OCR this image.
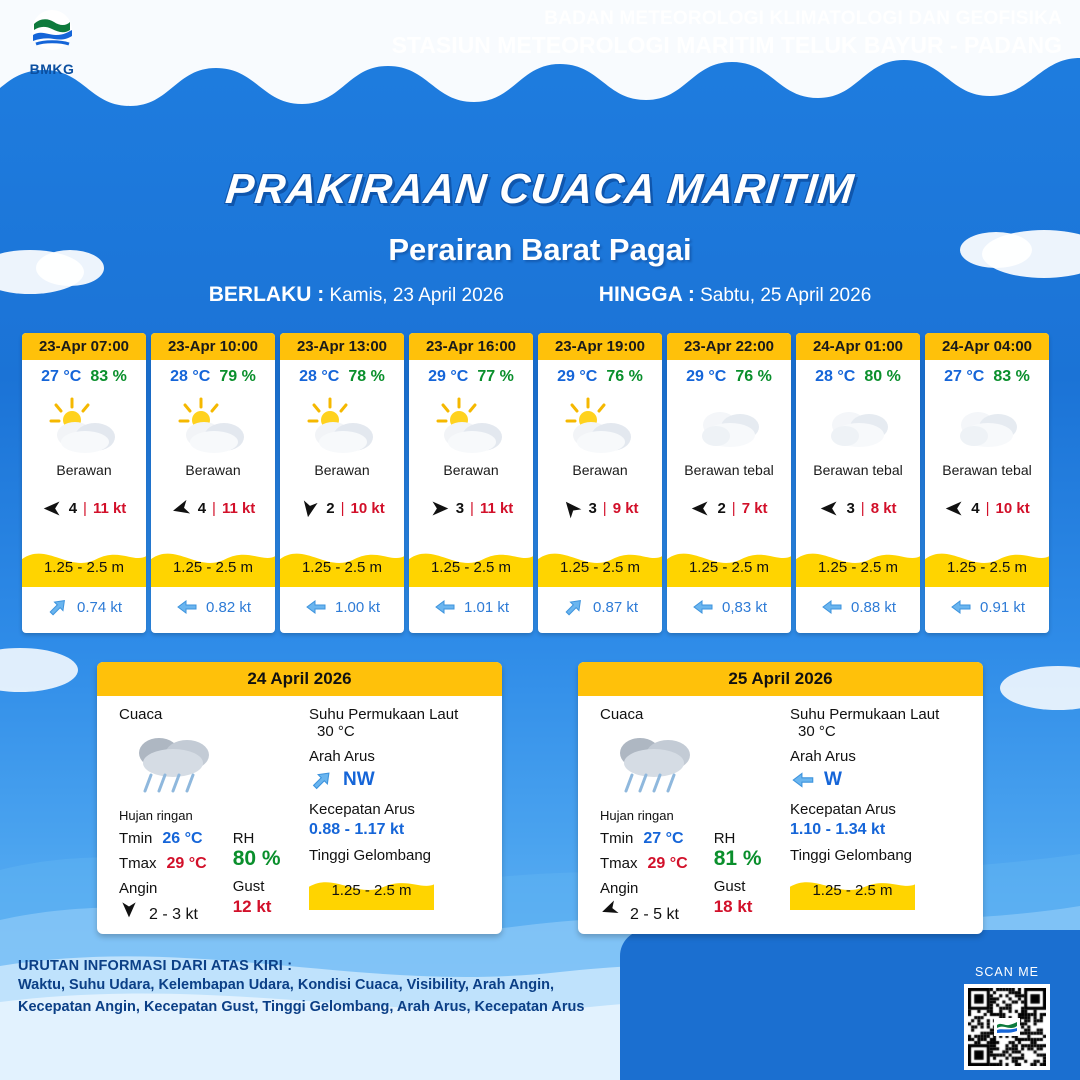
BADAN METEOROLOGI KLIMATOLOGI DAN GEOFISIKA
STASIUN METEOROLOGI MARITIM TELUK BAYUR - PADANG
BMKG
PRAKIRAAN CUACA MARITIM
Perairan Barat Pagai
BERLAKU : Kamis, 23 April 2026	HINGGA : Sabtu, 25 April 2026
23-Apr 07:00
27 °C 83 %
Berawan
4 | 11 kt
1.25 - 2.5 m
0.74 kt
23-Apr 10:00
28 °C 79 %
Berawan
4 | 11 kt
1.25 - 2.5 m
0.82 kt
23-Apr 13:00
28 °C 78 %
Berawan
2 | 10 kt
1.25 - 2.5 m
1.00 kt
23-Apr 16:00
29 °C 77 %
Berawan
3 | 11 kt
1.25 - 2.5 m
1.01 kt
23-Apr 19:00
29 °C 76 %
Berawan
3 | 9 kt
1.25 - 2.5 m
0.87 kt
23-Apr 22:00
29 °C 76 %
Berawan tebal
2 | 7 kt
1.25 - 2.5 m
0,83 kt
24-Apr 01:00
28 °C 80 %
Berawan tebal
3 | 8 kt
1.25 - 2.5 m
0.88 kt
24-Apr 04:00
27 °C 83 %
Berawan tebal
4 | 10 kt
1.25 - 2.5 m
0.91 kt
24 April 2026
Cuaca
Hujan ringan
Tmin 26 °C
Tmax 29 °C
Angin
2 - 3 kt
RH
80 %
Gust
12 kt
Suhu Permukaan Laut
30 °C
Arah Arus
NW
Kecepatan Arus
0.88 - 1.17 kt
Tinggi Gelombang
1.25 - 2.5 m
25 April 2026
Cuaca
Hujan ringan
Tmin 27 °C
Tmax 29 °C
Angin
2 - 5 kt
RH
81 %
Gust
18 kt
Suhu Permukaan Laut
30 °C
Arah Arus
W
Kecepatan Arus
1.10 - 1.34 kt
Tinggi Gelombang
1.25 - 2.5 m
URUTAN INFORMASI DARI ATAS KIRI :
Waktu, Suhu Udara, Kelembapan Udara, Kondisi Cuaca, Visibility, Arah Angin,
Kecepatan Angin, Kecepatan Gust, Tinggi Gelombang, Arah Arus, Kecepatan Arus
SCAN ME
